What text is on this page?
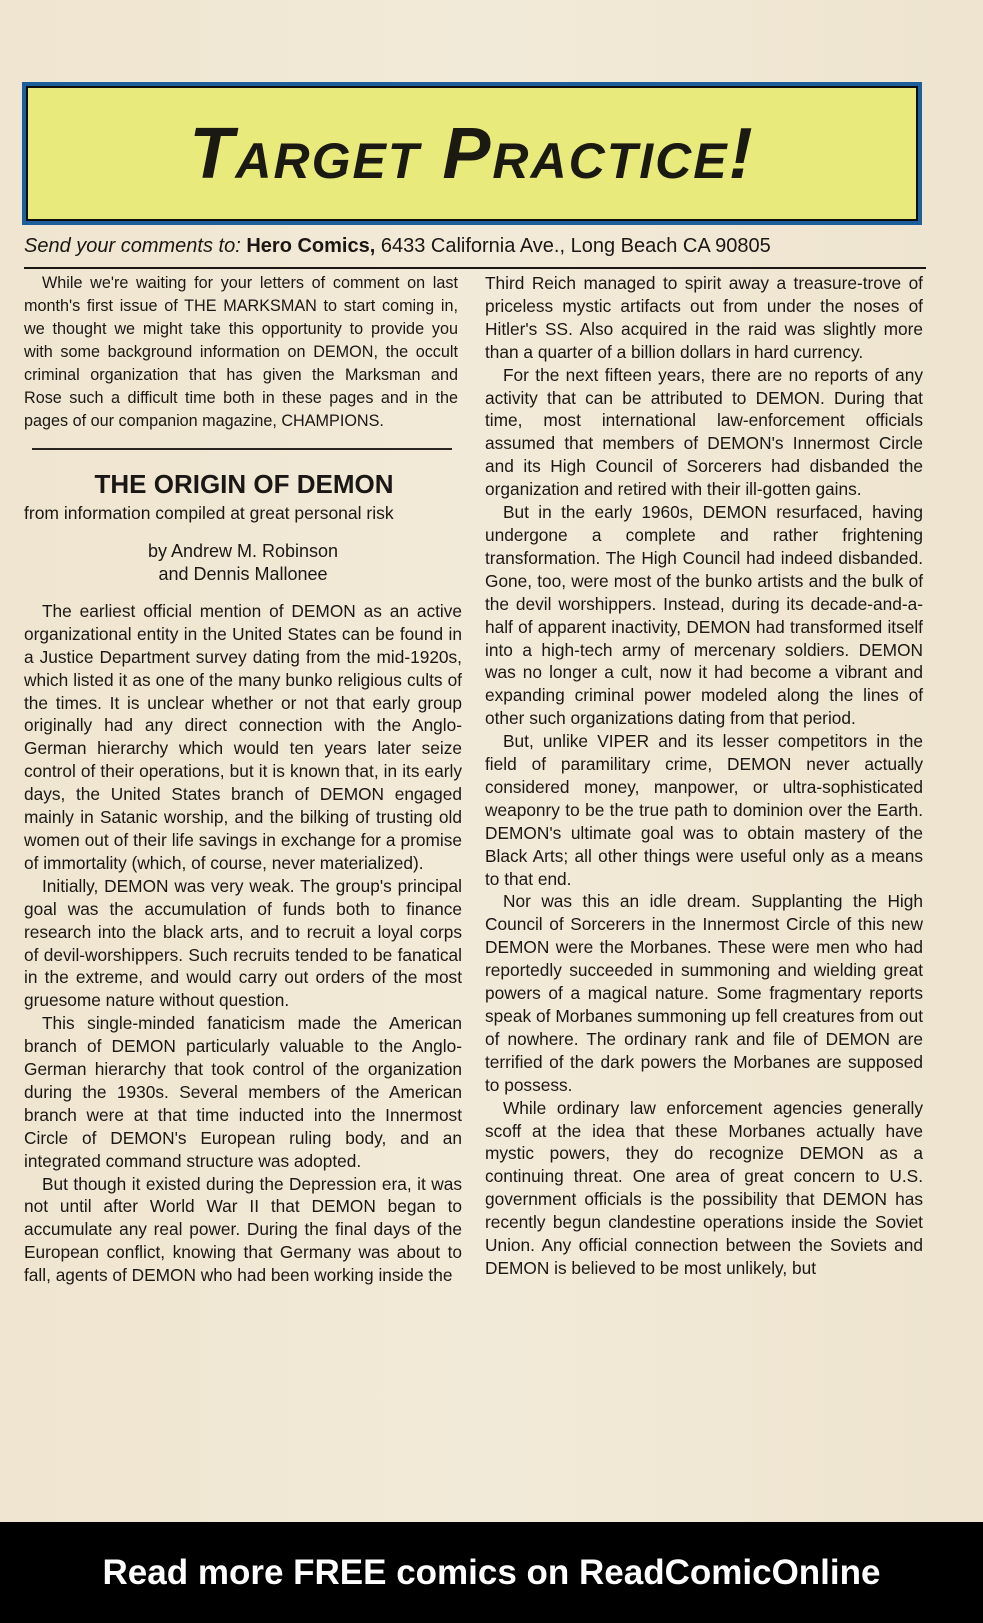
Target Practice!
Send your comments to: Hero Comics, 6433 California Ave., Long Beach CA 90805

While we're waiting for your letters of comment on last month's first issue of THE MARKSMAN to start coming in, we thought we might take this opportunity to provide you with some background information on DEMON, the occult criminal organization that has given the Marksman and Rose such a difficult time both in these pages and in the pages of our companion magazine, CHAMPIONS.

THE ORIGIN OF DEMON
from information compiled at great personal risk
by Andrew M. Robinson
and Dennis Mallonee

The earliest official mention of DEMON as an active organizational entity in the United States can be found in a Justice Department survey dating from the mid-1920s, which listed it as one of the many bunko religious cults of the times. It is unclear whether or not that early group originally had any direct connection with the Anglo-German hierarchy which would ten years later seize control of their operations, but it is known that, in its early days, the United States branch of DEMON engaged mainly in Satanic worship, and the bilking of trusting old women out of their life savings in exchange for a promise of immortality (which, of course, never materialized).

Initially, DEMON was very weak. The group's principal goal was the accumulation of funds both to finance research into the black arts, and to recruit a loyal corps of devil-worshippers. Such recruits tended to be fanatical in the extreme, and would carry out orders of the most gruesome nature without question.

This single-minded fanaticism made the American branch of DEMON particularly valuable to the Anglo-German hierarchy that took control of the organization during the 1930s. Several members of the American branch were at that time inducted into the Innermost Circle of DEMON's European ruling body, and an integrated command structure was adopted.

But though it existed during the Depression era, it was not until after World War II that DEMON began to accumulate any real power. During the final days of the European conflict, knowing that Germany was about to fall, agents of DEMON who had been working inside the

Third Reich managed to spirit away a treasure-trove of priceless mystic artifacts out from under the noses of Hitler's SS. Also acquired in the raid was slightly more than a quarter of a billion dollars in hard currency.

For the next fifteen years, there are no reports of any activity that can be attributed to DEMON. During that time, most international law-enforcement officials assumed that members of DEMON's Innermost Circle and its High Council of Sorcerers had disbanded the organization and retired with their ill-gotten gains.

But in the early 1960s, DEMON resurfaced, having undergone a complete and rather frightening transformation. The High Council had indeed disbanded. Gone, too, were most of the bunko artists and the bulk of the devil worshippers. Instead, during its decade-and-a-half of apparent inactivity, DEMON had transformed itself into a high-tech army of mercenary soldiers. DEMON was no longer a cult, now it had become a vibrant and expanding criminal power modeled along the lines of other such organizations dating from that period.

But, unlike VIPER and its lesser competitors in the field of paramilitary crime, DEMON never actually considered money, manpower, or ultra-sophisticated weaponry to be the true path to dominion over the Earth. DEMON's ultimate goal was to obtain mastery of the Black Arts; all other things were useful only as a means to that end.

Nor was this an idle dream. Supplanting the High Council of Sorcerers in the Innermost Circle of this new DEMON were the Morbanes. These were men who had reportedly succeeded in summoning and wielding great powers of a magical nature. Some fragmentary reports speak of Morbanes summoning up fell creatures from out of nowhere. The ordinary rank and file of DEMON are terrified of the dark powers the Morbanes are supposed to possess.

While ordinary law enforcement agencies generally scoff at the idea that these Morbanes actually have mystic powers, they do recognize DEMON as a continuing threat. One area of great concern to U.S. government officials is the possibility that DEMON has recently begun clandestine operations inside the Soviet Union. Any official connection between the Soviets and DEMON is believed to be most unlikely, but

Read more FREE comics on ReadComicOnline
